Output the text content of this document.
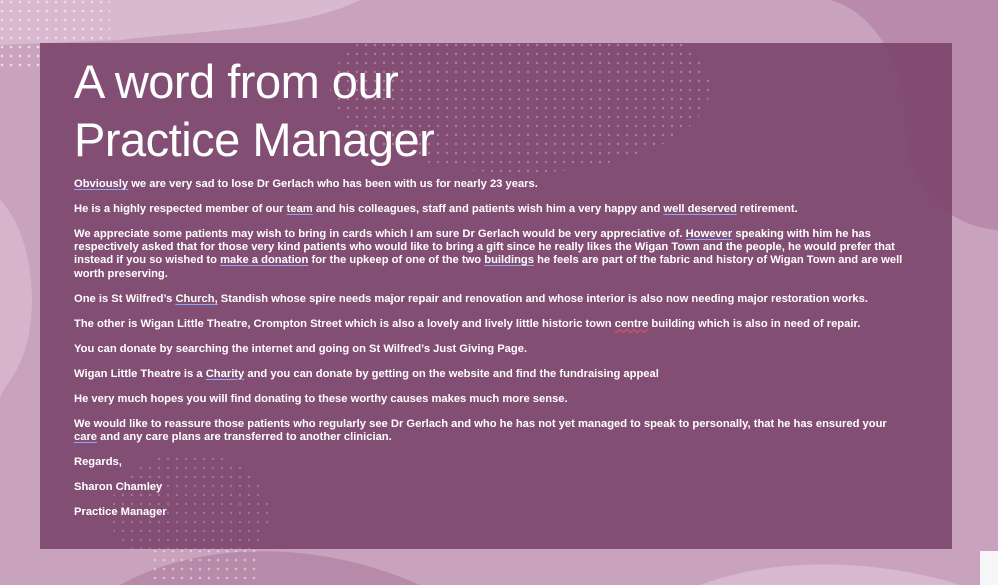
A word from our
Practice Manager

Obviously we are very sad to lose Dr Gerlach who has been with us for nearly 23 years.

He is a highly respected member of our team and his colleagues, staff and patients wish him a very happy and well deserved retirement.

We appreciate some patients may wish to bring in cards which I am sure Dr Gerlach would be very appreciative of. However speaking with him he has respectively asked that for those very kind patients who would like to bring a gift since he really likes the Wigan Town and the people, he would prefer that instead if you so wished to make a donation for the upkeep of one of the two buildings he feels are part of the fabric and history of Wigan Town and are well worth preserving.

One is St Wilfred’s Church, Standish whose spire needs major repair and renovation and whose interior is also now needing major restoration works.

The other is Wigan Little Theatre, Crompton Street which is also a lovely and lively little historic town centre building which is also in need of repair.

You can donate by searching the internet and going on St Wilfred’s Just Giving Page.

Wigan Little Theatre is a Charity and you can donate by getting on the website and find the fundraising appeal

He very much hopes you will find donating to these worthy causes makes much more sense.

We would like to reassure those patients who regularly see Dr Gerlach and who he has not yet managed to speak to personally, that he has ensured your care and any care plans are transferred to another clinician.

Regards,

Sharon Chamley

Practice Manager
